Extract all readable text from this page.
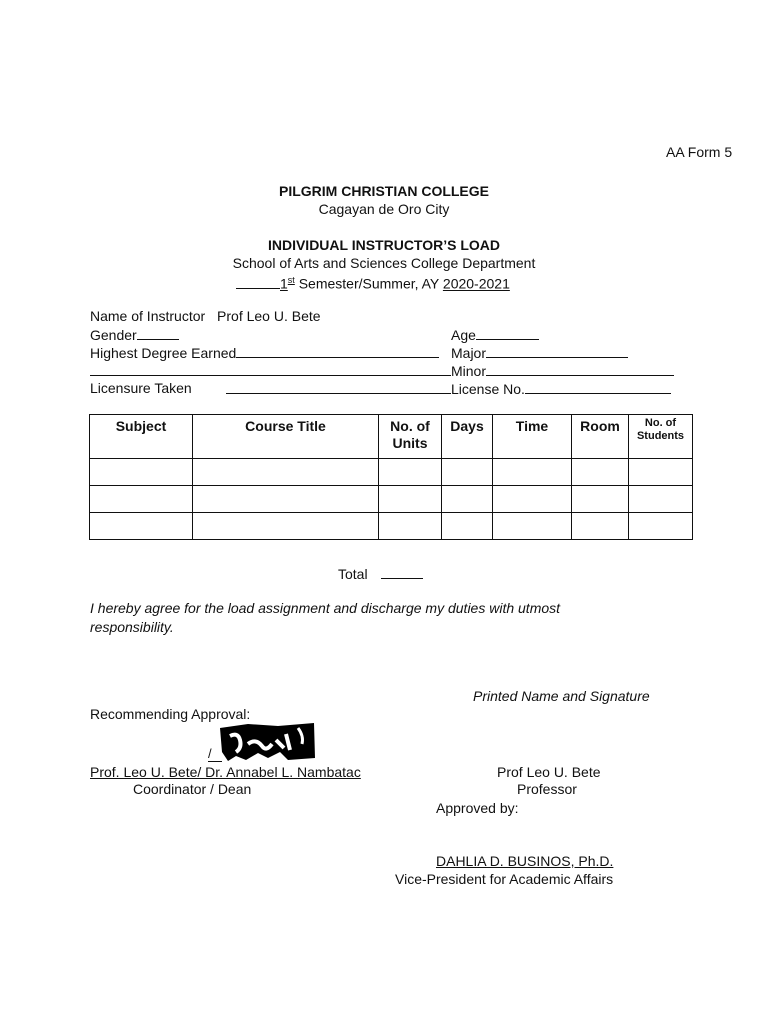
AA Form 5
PILGRIM CHRISTIAN COLLEGE
Cagayan de Oro City
INDIVIDUAL INSTRUCTOR’S LOAD
School of Arts and Sciences College Department
1st Semester/Summer, AY 2020-2021
Name of Instructor Prof Leo U. Bete
Gender	Age
Highest Degree Earned	Major
Minor
Licensure Taken	License No.
Subject	Course Title	No. of Units	Days	Time	Room	No. of Students

Total
I hereby agree for the load assignment and discharge my duties with utmost
responsibility.
Printed Name and Signature
Recommending Approval:
/
Prof. Leo U. Bete/ Dr. Annabel L. Nambatac
Coordinator / Dean
Prof Leo U. Bete
Professor
Approved by:
DAHLIA D. BUSINOS, Ph.D.
Vice-President for Academic Affairs
